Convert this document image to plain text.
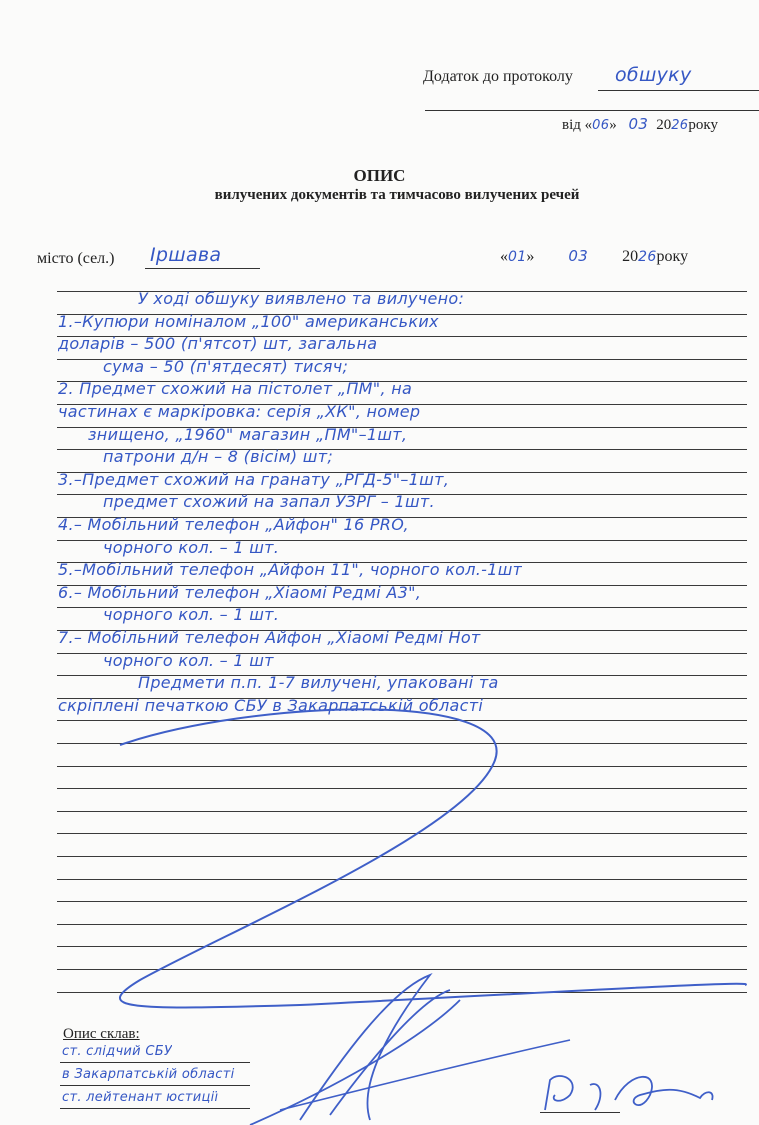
Додаток до протоколу обшуку
від «06» 03 2026року
ОПИС
вилучених документів та тимчасово вилучених речей
місто (сел.) Іршава	«01» 03 2026року
У ході обшуку виявлено та вилучено:
1.–Купюри номіналом „100" американських
доларів – 500 (п'ятсот) шт, загальна
сума – 50 (п'ятдесят) тисяч;
2. Предмет схожий на пістолет „ПМ", на
частинах є маркіровка: серія „ХК", номер
знищено, „1960" магазин „ПМ"–1шт,
патрони д/н – 8 (вісім) шт;
3.–Предмет схожий на гранату „РГД-5"–1шт,
предмет схожий на запал УЗРГ – 1шт.
4.– Мобільний телефон „Айфон" 16 PRO,
чорного кол. – 1 шт.
5.–Мобільний телефон „Айфон 11", чорного кол.-1шт
6.– Мобільний телефон „Хіаомі Редмі А3",
чорного кол. – 1 шт.
7.– Мобільний телефон Айфон „Хіаомі Редмі Нот
чорного кол. – 1 шт
Предмети п.п. 1-7 вилучені, упаковані та
скріплені печаткою СБУ в Закарпатській області
Опис склав:
ст. слідчий СБУ
в Закарпатській області
ст. лейтенант юстиції
